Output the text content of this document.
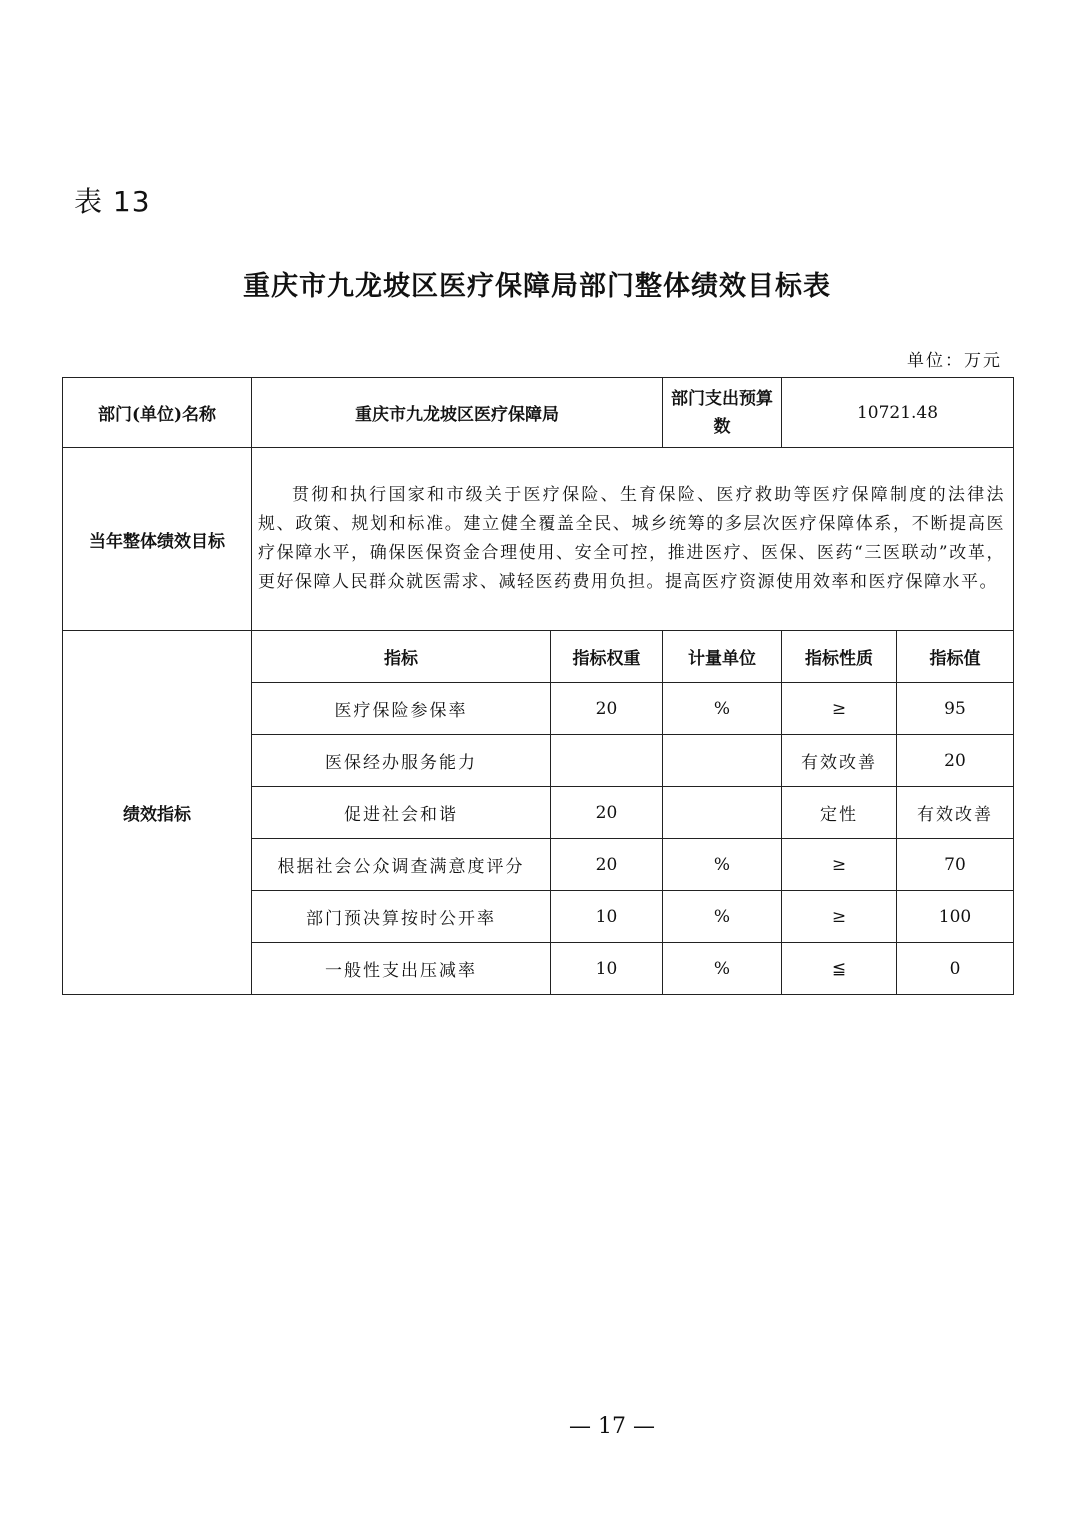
表 13
重庆市九龙坡区医疗保障局部门整体绩效目标表
单位：万元
部门(单位)名称	重庆市九龙坡区医疗保障局		部门支出预算数	10721.48	
当年整体绩效目标	贯彻和执行国家和市级关于医疗保险、生育保险、医疗救助等医疗保障制度的法律法规、政策、规划和标准。建立健全覆盖全民、城乡统筹的多层次医疗保障体系，不断提高医疗保障水平，确保医保资金合理使用、安全可控，推进医疗、医保、医药“三医联动”改革，更好保障人民群众就医需求、减轻医药费用负担。提高医疗资源使用效率和医疗保障水平。				

绩效指标	指标	指标权重	计量单位	指标性质	指标值
	医疗保险参保率	20	%	≥	95
	医保经办服务能力			有效改善	20
	促进社会和谐	20		定性	有效改善
	根据社会公众调查满意度评分	20	%	≥	70
	部门预决算按时公开率	10	%	≥	100
	一般性支出压减率	10	%	≦	0
— 17 —
